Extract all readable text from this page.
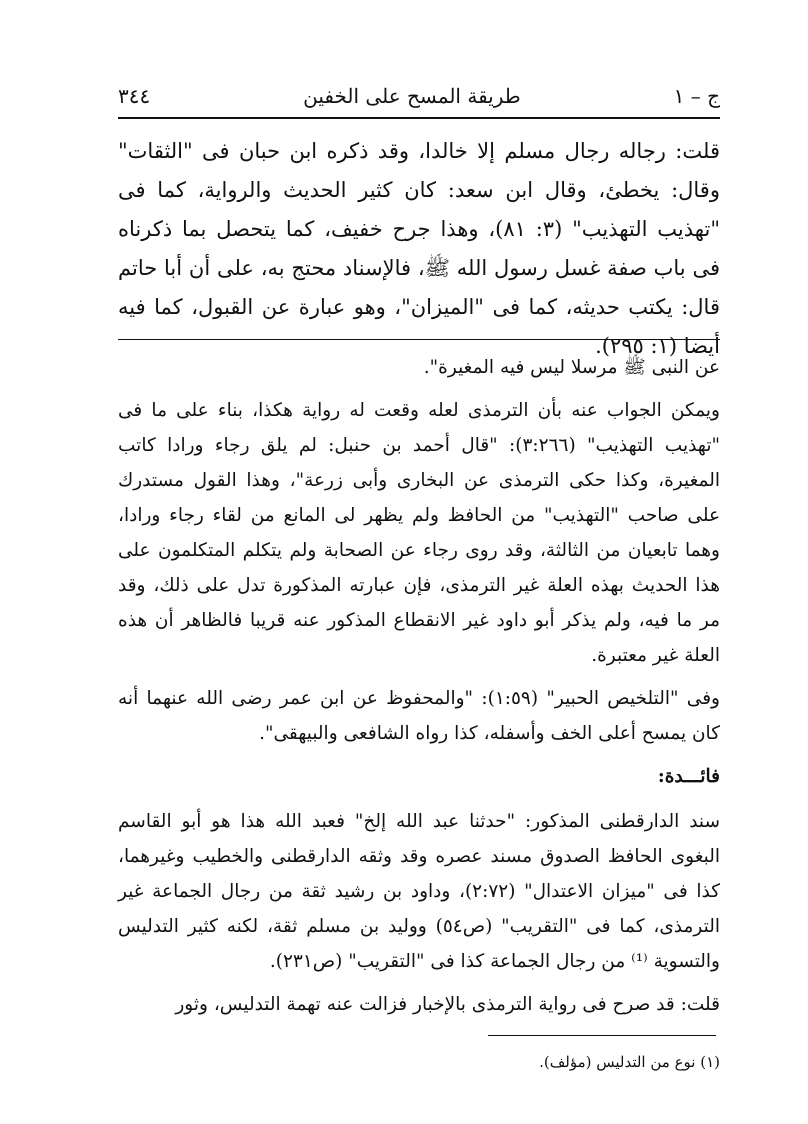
٣٤٤	طريقة المسح على الخفين	ج – ١

قلت: رجاله رجال مسلم إلا خالدا، وقد ذكره ابن حبان فى "الثقات" وقال: يخطئ، وقال ابن سعد: كان كثير الحديث والرواية، كما فى "تهذيب التهذيب" (٣: ٨١)، وهذا جرح خفيف، كما يتحصل بما ذكرناه فى باب صفة غسل رسول الله ﷺ، فالإسناد محتج به، على أن أبا حاتم قال: يكتب حديثه، كما فى "الميزان"، وهو عبارة عن القبول، كما فيه أيضا (١: ٢٩٥).

عن النبى ﷺ مرسلا ليس فيه المغيرة".

ويمكن الجواب عنه بأن الترمذى لعله وقعت له رواية هكذا، بناء على ما فى "تهذيب التهذيب" (٣:٢٦٦): "قال أحمد بن حنبل: لم يلق رجاء ورادا كاتب المغيرة، وكذا حكى الترمذى عن البخارى وأبى زرعة"، وهذا القول مستدرك على صاحب "التهذيب" من الحافظ ولم يظهر لى المانع من لقاء رجاء ورادا، وهما تابعيان من الثالثة، وقد روى رجاء عن الصحابة ولم يتكلم المتكلمون على هذا الحديث بهذه العلة غير الترمذى، فإن عبارته المذكورة تدل على ذلك، وقد مر ما فيه، ولم يذكر أبو داود غير الانقطاع المذكور عنه قريبا فالظاهر أن هذه العلة غير معتبرة.

وفى "التلخيص الحبير" (١:٥٩): "والمحفوظ عن ابن عمر رضى الله عنهما أنه كان يمسح أعلى الخف وأسفله، كذا رواه الشافعى والبيهقى".

فائـــدة:

سند الدارقطنى المذكور: "حدثنا عبد الله إلخ" فعبد الله هذا هو أبو القاسم البغوى الحافظ الصدوق مسند عصره وقد وثقه الدارقطنى والخطيب وغيرهما، كذا فى "ميزان الاعتدال" (٢:٧٢)، وداود بن رشيد ثقة من رجال الجماعة غير الترمذى، كما فى "التقريب" (ص٥٤) ووليد بن مسلم ثقة، لكنه كثير التدليس والتسوية ⁽¹⁾ من رجال الجماعة كذا فى "التقريب" (ص٢٣١).

قلت: قد صرح فى رواية الترمذى بالإخبار فزالت عنه تهمة التدليس، وثور

(١) نوع من التدليس (مؤلف).
